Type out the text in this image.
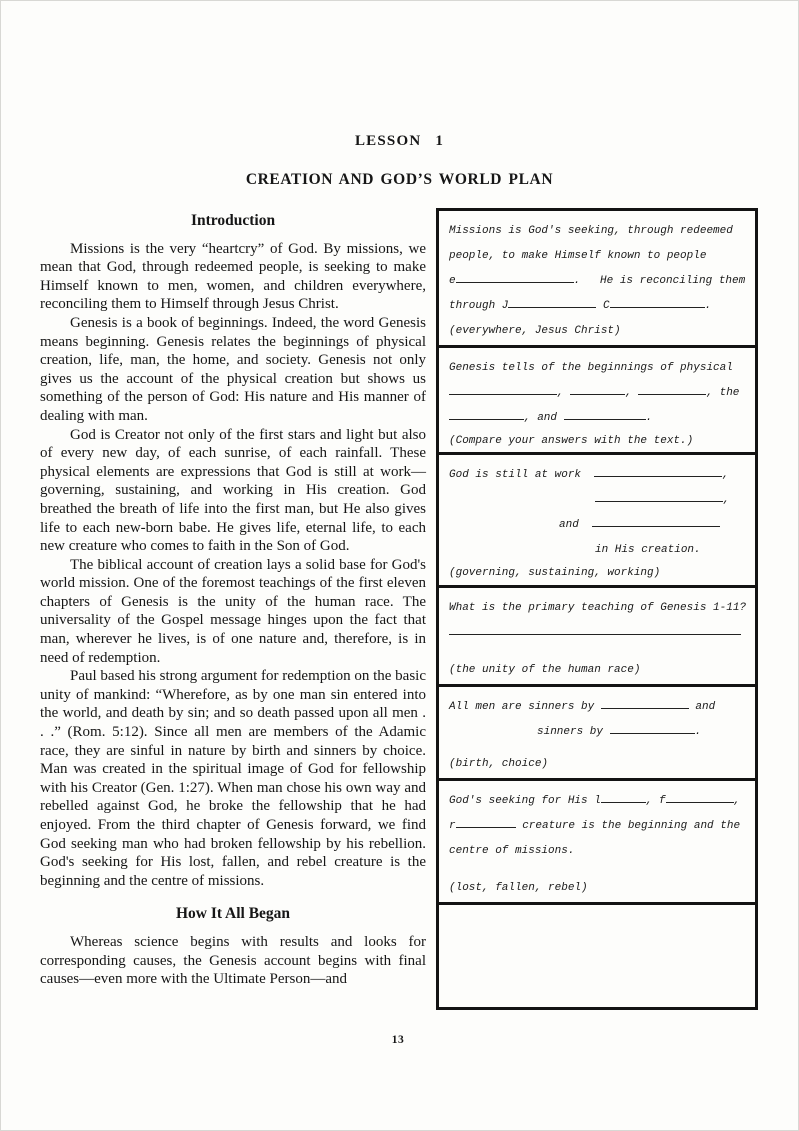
LESSON 1
CREATION AND GOD’S WORLD PLAN
Introduction

Missions is the very “heartcry” of God. By missions, we mean that God, through redeemed people, is seeking to make Himself known to men, women, and children everywhere, reconciling them to Himself through Jesus Christ.

Genesis is a book of beginnings. Indeed, the word Genesis means beginning. Genesis relates the beginnings of physical creation, life, man, the home, and society. Genesis not only gives us the account of the physical creation but shows us something of the person of God: His nature and His manner of dealing with man.

God is Creator not only of the first stars and light but also of every new day, of each sunrise, of each rainfall. These physical elements are expressions that God is still at work—governing, sustaining, and working in His creation. God breathed the breath of life into the first man, but He also gives life to each new-born babe. He gives life, eternal life, to each new creature who comes to faith in the Son of God.

The biblical account of creation lays a solid base for God's world mission. One of the foremost teachings of the first eleven chapters of Genesis is the unity of the human race. The universality of the Gospel message hinges upon the fact that man, wherever he lives, is of one nature and, therefore, is in need of redemption.

Paul based his strong argument for redemption on the basic unity of mankind: “Wherefore, as by one man sin entered into the world, and death by sin; and so death passed upon all men . . .” (Rom. 5:12). Since all men are members of the Adamic race, they are sinful in nature by birth and sinners by choice. Man was created in the spiritual image of God for fellowship with his Creator (Gen. 1:27). When man chose his own way and rebelled against God, he broke the fellowship that he had enjoyed. From the third chapter of Genesis forward, we find God seeking man who had broken fellowship by his rebellion. God's seeking for His lost, fallen, and rebel creature is the beginning and the centre of missions.

How It All Began

Whereas science begins with results and looks for corresponding causes, the Genesis account begins with final causes—even more with the Ultimate Person—and

Missions is God's seeking, through redeemed
people, to make Himself known to people
e	.   He is reconciling them
through J	C	.
(everywhere, Jesus Christ)
Genesis tells of the beginnings of physical
,	,	, the
, and	.
(Compare your answers with the text.)
God is still at work	,
,
and
in His creation.
(governing, sustaining, working)
What is the primary teaching of Genesis 1-11?
(the unity of the human race)
All men are sinners by	and
sinners by	.
(birth, choice)
God's seeking for His l	, f	,
r	creature is the beginning and the
centre of missions.
(lost, fallen, rebel)
13
